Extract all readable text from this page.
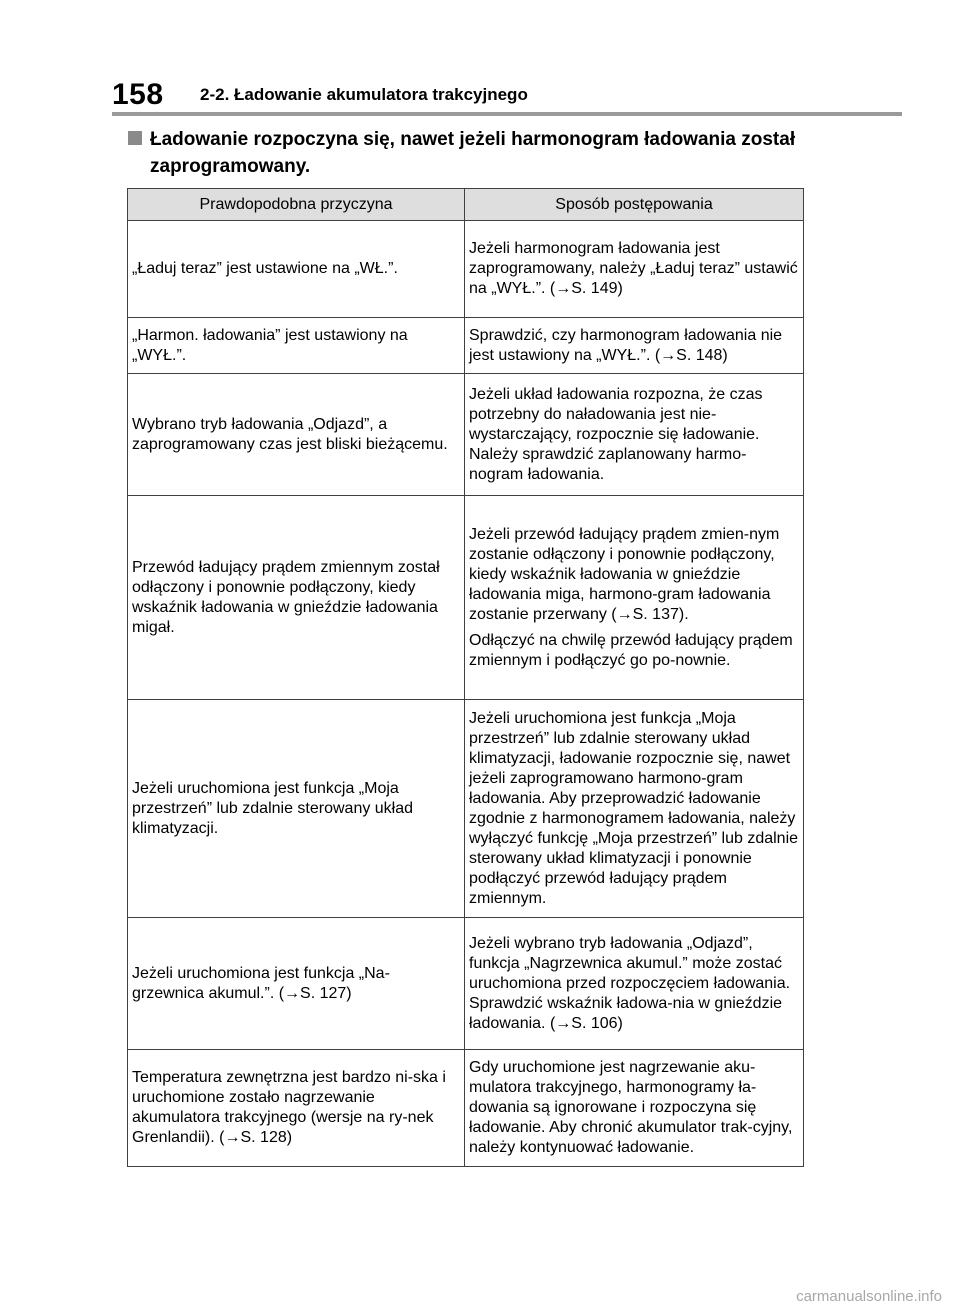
158 2-2. Ładowanie akumulatora trakcyjnego
Ładowanie rozpoczyna się, nawet jeżeli harmonogram ładowania został zaprogramowany.
Prawdopodobna przyczyna	Sposób postępowania
„Ładuj teraz” jest ustawione na „WŁ.”.	Jeżeli harmonogram ładowania jest zaprogramowany, należy „Ładuj teraz” ustawić na „WYŁ.”. (→S. 149)

„Harmon. ładowania” jest ustawiony na „WYŁ.”.	Sprawdzić, czy harmonogram ładowania nie jest ustawiony na „WYŁ.”. (→S. 148)

Wybrano tryb ładowania „Odjazd”, a zaprogramowany czas jest bliski bieżącemu.	Jeżeli układ ładowania rozpozna, że czas potrzebny do naładowania jest nie-wystarczający, rozpocznie się ładowanie. Należy sprawdzić zaplanowany harmo-nogram ładowania.

Przewód ładujący prądem zmiennym został odłączony i ponownie podłączony, kiedy wskaźnik ładowania w gnieździe ładowania migał.	Jeżeli przewód ładujący prądem zmien-nym zostanie odłączony i ponownie podłączony, kiedy wskaźnik ładowania w gnieździe ładowania miga, harmono-gram ładowania zostanie przerwany (→S. 137).

Odłączyć na chwilę przewód ładujący prądem zmiennym i podłączyć go po-nownie.

Jeżeli uruchomiona jest funkcja „Moja przestrzeń” lub zdalnie sterowany układ klimatyzacji.	Jeżeli uruchomiona jest funkcja „Moja przestrzeń” lub zdalnie sterowany układ klimatyzacji, ładowanie rozpocznie się, nawet jeżeli zaprogramowano harmono-gram ładowania. Aby przeprowadzić ładowanie zgodnie z harmonogramem ładowania, należy wyłączyć funkcję „Moja przestrzeń” lub zdalnie sterowany układ klimatyzacji i ponownie podłączyć przewód ładujący prądem zmiennym.

Jeżeli uruchomiona jest funkcja „Na-grzewnica akumul.”. (→S. 127)	Jeżeli wybrano tryb ładowania „Odjazd”, funkcja „Nagrzewnica akumul.” może zostać uruchomiona przed rozpoczęciem ładowania. Sprawdzić wskaźnik ładowa-nia w gnieździe ładowania. (→S. 106)

Temperatura zewnętrzna jest bardzo ni-ska i uruchomione zostało nagrzewanie akumulatora trakcyjnego (wersje na ry-nek Grenlandii). (→S. 128)	Gdy uruchomione jest nagrzewanie aku-mulatora trakcyjnego, harmonogramy ła-dowania są ignorowane i rozpoczyna się ładowanie. Aby chronić akumulator trak-cyjny, należy kontynuować ładowanie.

carmanualsonline.info
